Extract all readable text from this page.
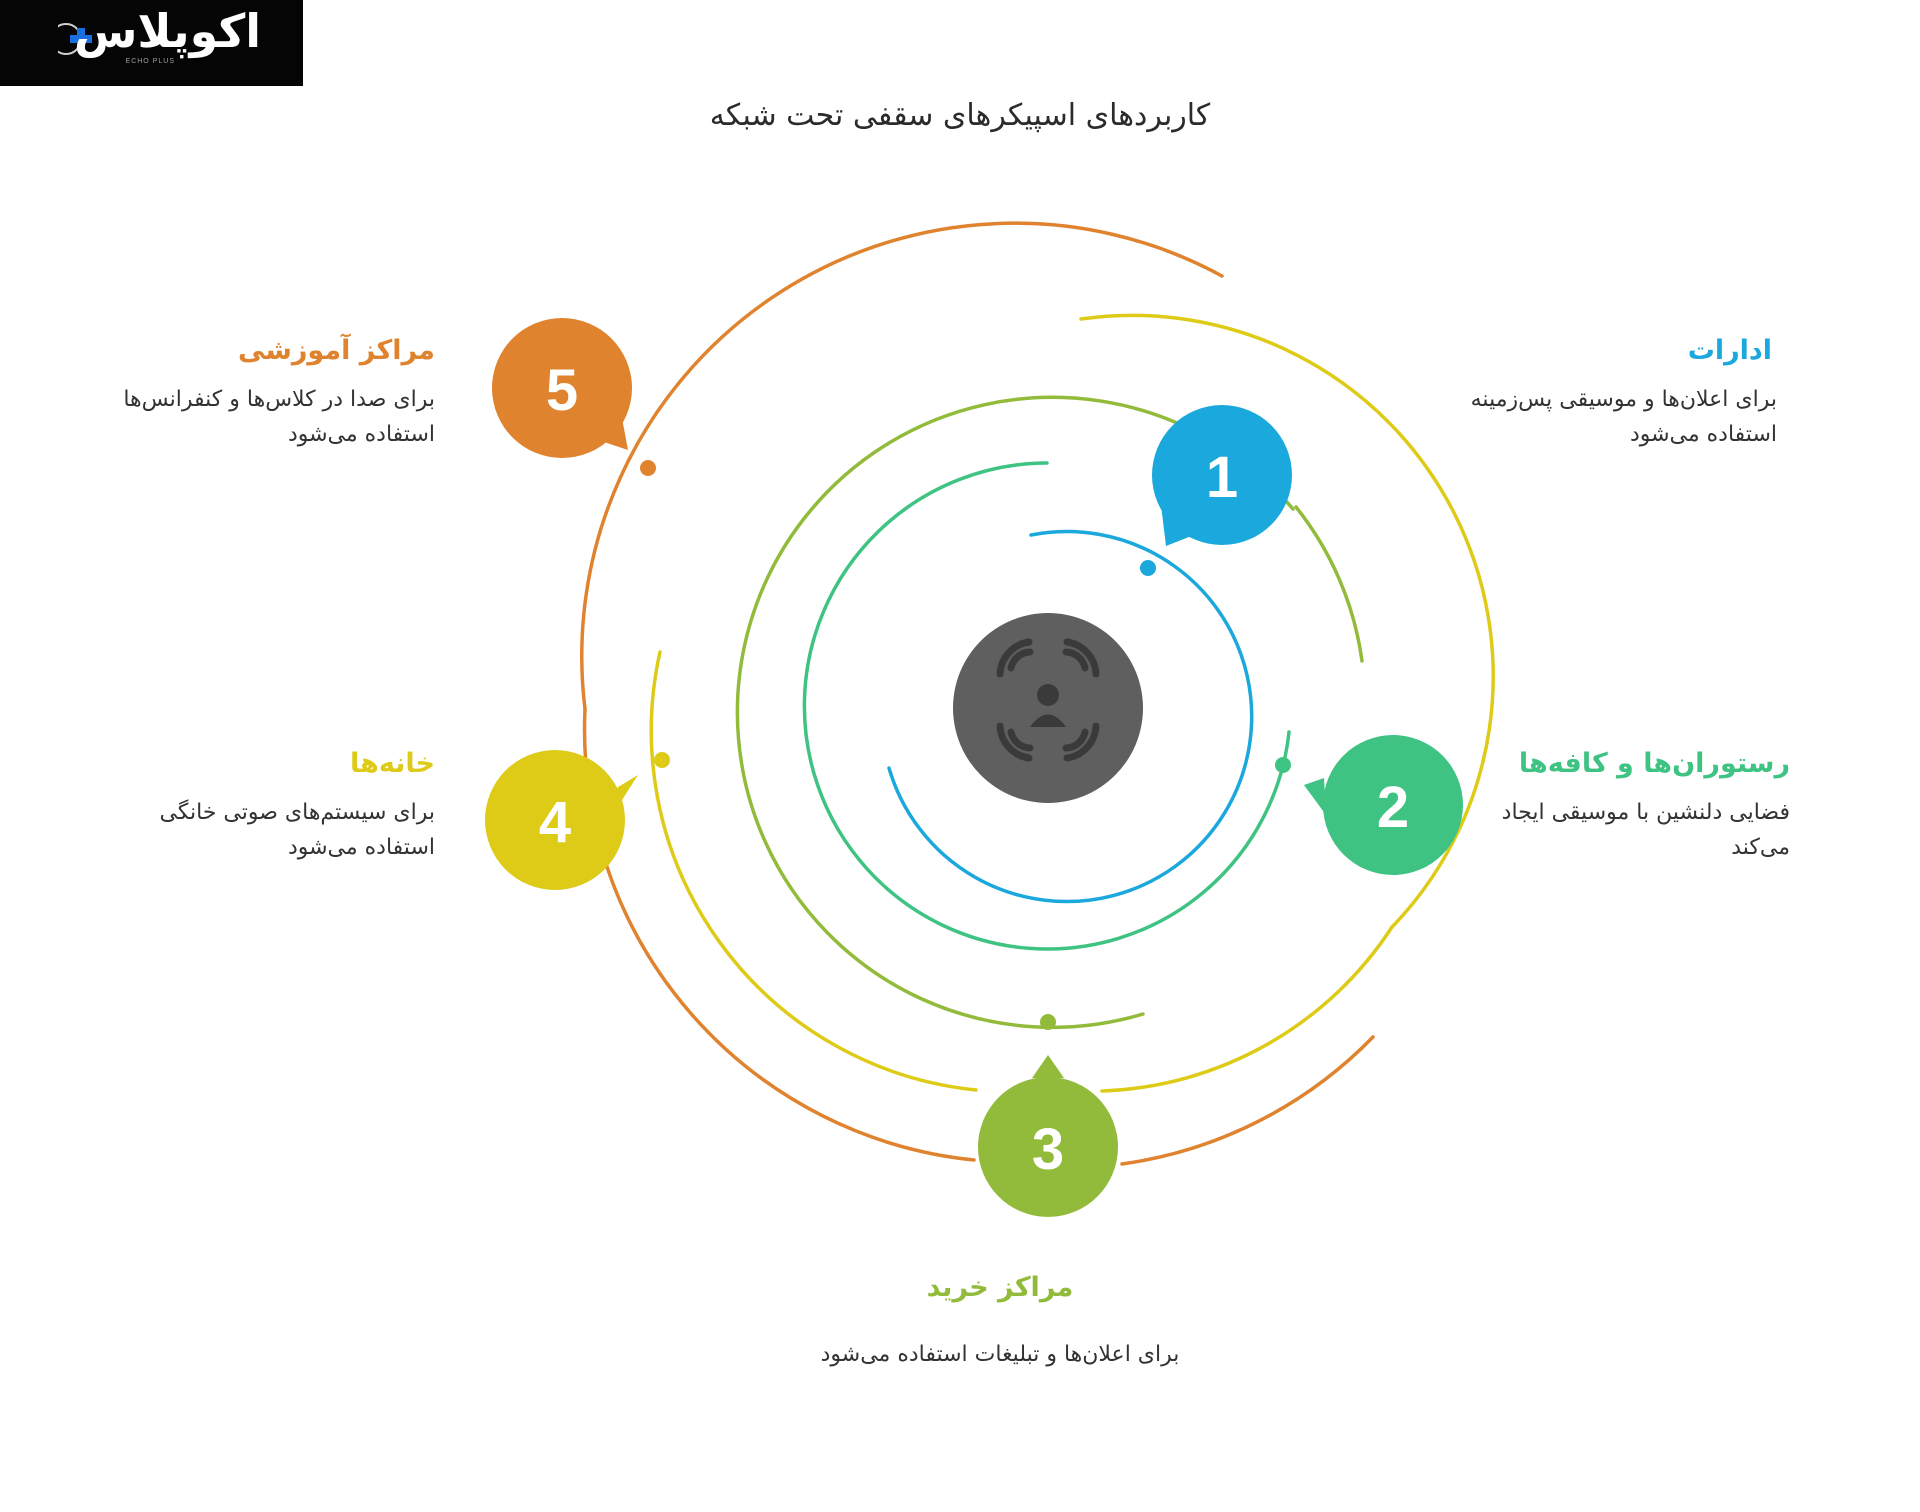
اکوپلاس
ECHO PLUS
کاربردهای اسپیکرهای سقفی تحت شبکه
1
2
3
4
5
ادارات

برای اعلان‌ها و موسیقی پس‌زمینه
استفاده می‌شود

رستوران‌ها و کافه‌ها

فضایی دلنشین با موسیقی ایجاد
می‌کند

مراکز خرید

برای اعلان‌ها و تبلیغات استفاده می‌شود

خانه‌ها

برای سیستم‌های صوتی خانگی
استفاده می‌شود

مراکز آموزشی

برای صدا در کلاس‌ها و کنفرانس‌ها
استفاده می‌شود
